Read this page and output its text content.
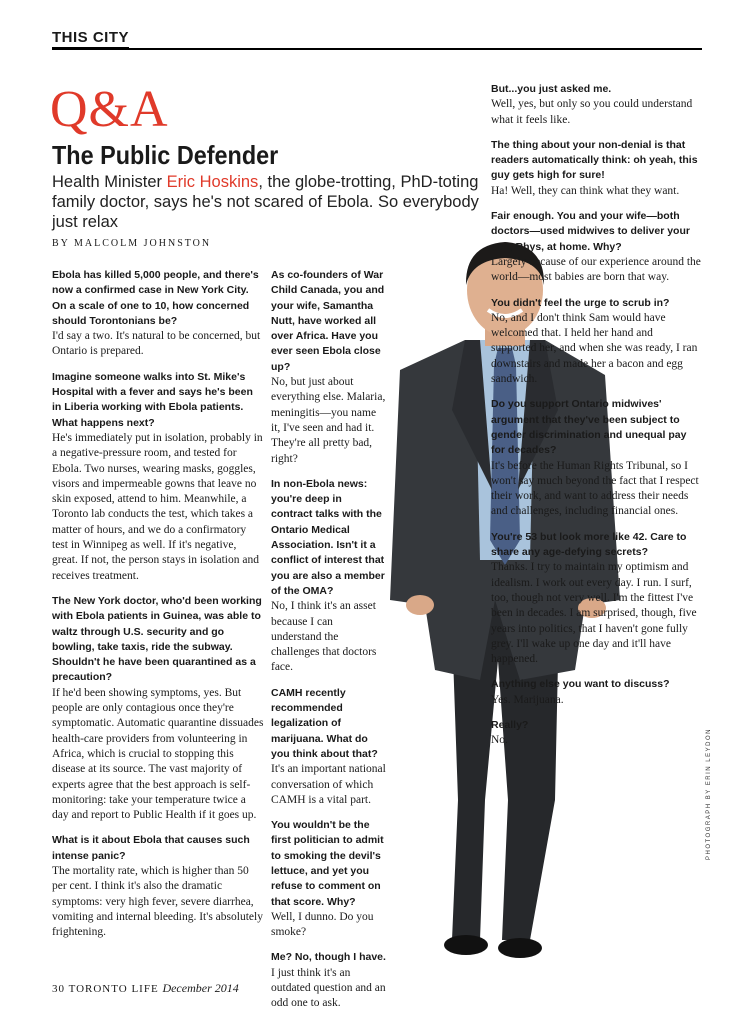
THIS CITY
Q&A
The Public Defender
Health Minister Eric Hoskins, the globe-trotting, PhD-toting family doctor, says he's not scared of Ebola. So everybody just relax
BY MALCOLM JOHNSTON
Ebola has killed 5,000 people, and there's now a confirmed case in New York City. On a scale of one to 10, how concerned should Torontonians be?
I'd say a two. It's natural to be concerned, but Ontario is prepared.
Imagine someone walks into St. Mike's Hospital with a fever and says he's been in Liberia working with Ebola patients. What happens next?
He's immediately put in isolation, probably in a negative-pressure room, and tested for Ebola. Two nurses, wearing masks, goggles, visors and impermeable gowns that leave no skin exposed, attend to him. Meanwhile, a Toronto lab conducts the test, which takes a matter of hours, and we do a confirmatory test in Winnipeg as well. If it's negative, great. If not, the person stays in isolation and receives treatment.
The New York doctor, who'd been working with Ebola patients in Guinea, was able to waltz through U.S. security and go bowling, take taxis, ride the subway. Shouldn't he have been quarantined as a precaution?
If he'd been showing symptoms, yes. But people are only contagious once they're symptomatic. Automatic quarantine dissuades health-care providers from volunteering in Africa, which is crucial to stopping this disease at its source. The vast majority of experts agree that the best approach is self-monitoring: take your temperature twice a day and report to Public Health if it goes up.
What is it about Ebola that causes such intense panic?
The mortality rate, which is higher than 50 per cent. I think it's also the dramatic symptoms: very high fever, severe diarrhea, vomiting and internal bleeding. It's absolutely frightening.
As co-founders of War Child Canada, you and your wife, Samantha Nutt, have worked all over Africa. Have you ever seen Ebola close up?
No, but just about everything else. Malaria, meningitis—you name it, I've seen and had it. They're all pretty bad, right?
In non-Ebola news: you're deep in contract talks with the Ontario Medical Association. Isn't it a conflict of interest that you are also a member of the OMA?
No, I think it's an asset because I can understand the challenges that doctors face.
CAMH recently recommended legalization of marijuana. What do you think about that?
It's an important national conversation of which CAMH is a vital part.
You wouldn't be the first politician to admit to smoking the devil's lettuce, and yet you refuse to comment on that score. Why?
Well, I dunno. Do you smoke?
Me? No, though I have.
I just think it's an outdated question and an odd one to ask.
But...you just asked me.
Well, yes, but only so you could understand what it feels like.
The thing about your non-denial is that readers automatically think: oh yeah, this guy gets high for sure!
Ha! Well, they can think what they want.
Fair enough. You and your wife—both doctors—used midwives to deliver your son, Rhys, at home. Why?
Largely because of our experience around the world—most babies are born that way.
You didn't feel the urge to scrub in?
No, and I don't think Sam would have welcomed that. I held her hand and supported her, and when she was ready, I ran downstairs and made her a bacon and egg sandwich.
Do you support Ontario midwives' argument that they've been subject to gender discrimination and unequal pay for decades?
It's before the Human Rights Tribunal, so I won't say much beyond the fact that I respect their work, and want to address their needs and challenges, including financial ones.
You're 53 but look more like 42. Care to share any age-defying secrets?
Thanks. I try to maintain my optimism and idealism. I work out every day. I run. I surf, too, though not very well. I'm the fittest I've been in decades. I am surprised, though, five years into politics, that I haven't gone fully grey. I'll wake up one day and it'll have happened.
Anything else you want to discuss?
Yes. Marijuana.
Really?
No.	PHOTOGRAPH BY ERIN LEYDON
30 TORONTO LIFE December 2014
